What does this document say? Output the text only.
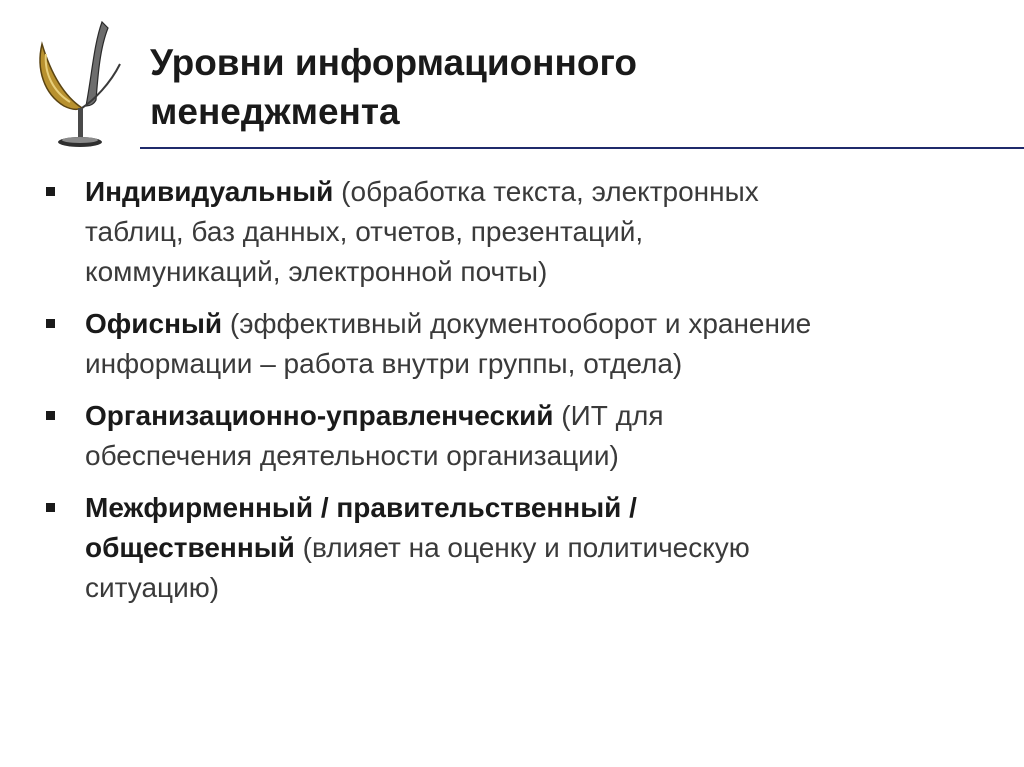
Уровни информационного
менеджмента
Индивидуальный (обработка текста, электронных
таблиц, баз данных, отчетов, презентаций,
коммуникаций, электронной почты)
Офисный (эффективный документооборот и хранение
информации – работа внутри группы, отдела)
Организационно-управленческий (ИТ для
обеспечения деятельности организации)
Межфирменный / правительственный /
общественный (влияет на оценку и политическую
ситуацию)
